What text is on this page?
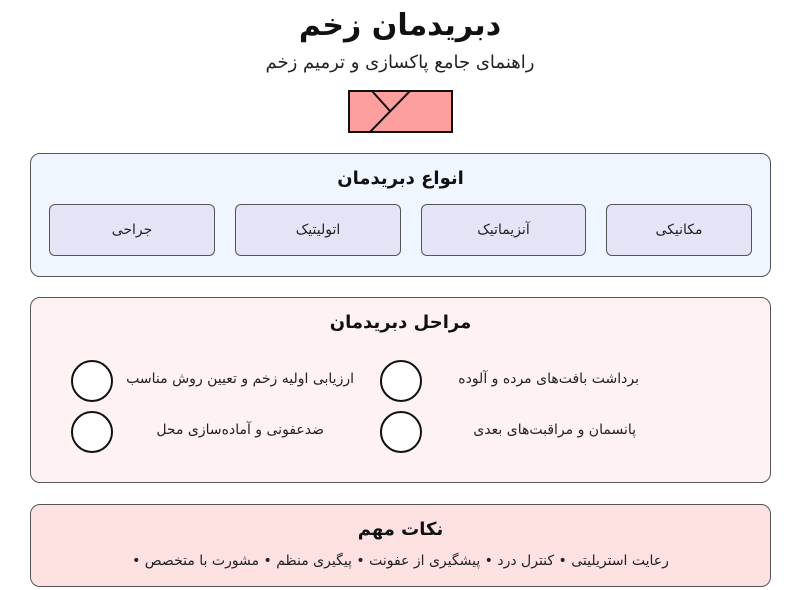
دبریدمان زخم
راهنمای جامع پاکسازی و ترمیم زخم
انواع دبریدمان
مکانیکی
آنزیماتیک
اتولیتیک
جراحی
مراحل دبریدمان
برداشت بافت‌های مرده و آلوده
ارزیابی اولیه زخم و تعیین روش مناسب
پانسمان و مراقبت‌های بعدی
ضدعفونی و آماده‌سازی محل
نکات مهم
رعایت استریلیتی • کنترل درد • پیشگیری از عفونت • پیگیری منظم • مشورت با متخصص •
